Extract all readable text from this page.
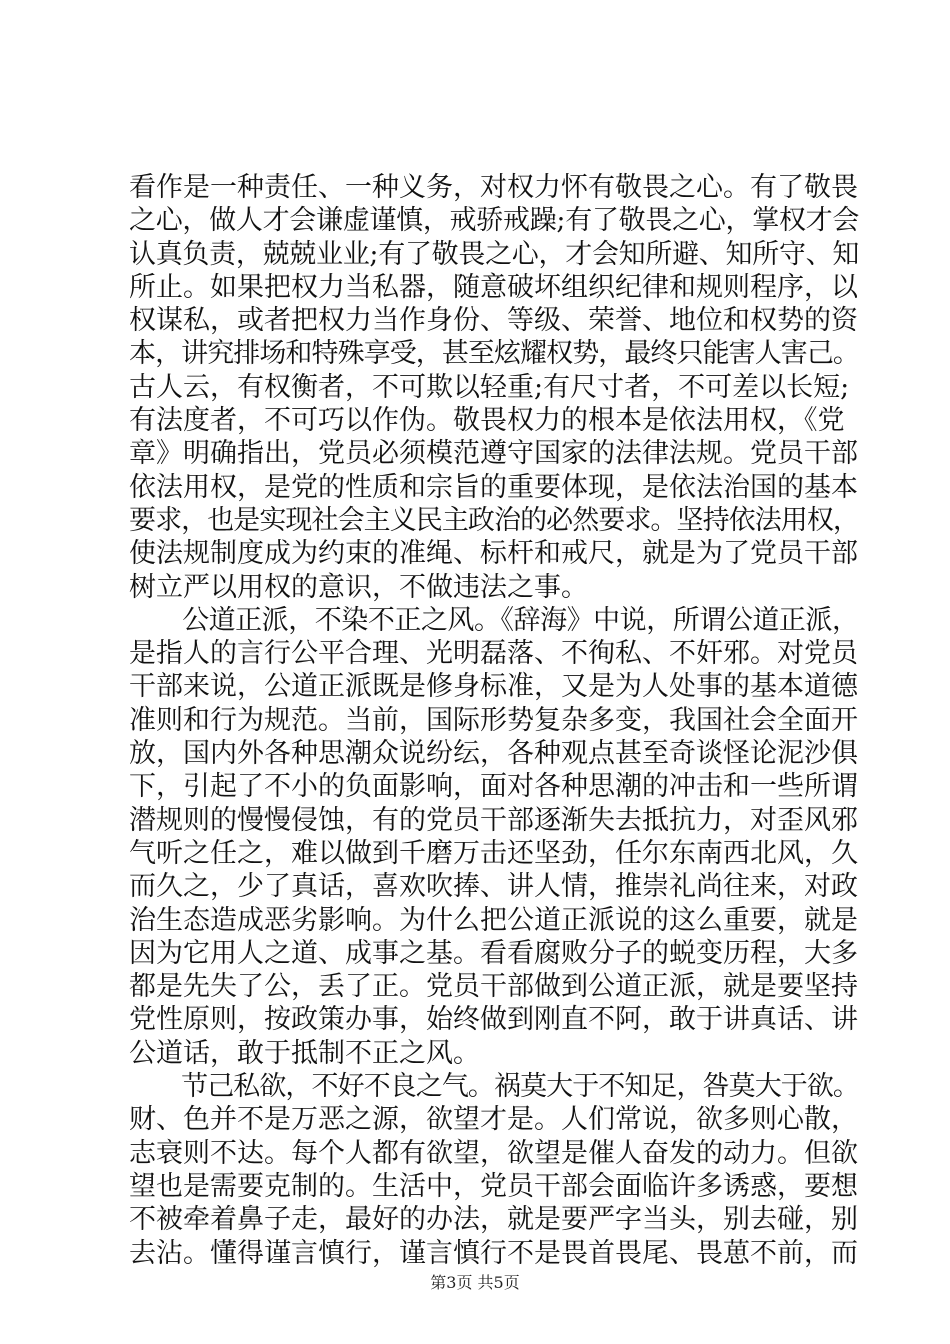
看作是一种责任、一种义务，对权力怀有敬畏之心。有了敬畏
之心，做人才会谦虚谨慎，戒骄戒躁;有了敬畏之心，掌权才会
认真负责，兢兢业业;有了敬畏之心，才会知所避、知所守、知
所止。如果把权力当私器，随意破坏组织纪律和规则程序，以
权谋私，或者把权力当作身份、等级、荣誉、地位和权势的资
本，讲究排场和特殊享受，甚至炫耀权势，最终只能害人害己。
古人云，有权衡者，不可欺以轻重;有尺寸者，不可差以长短;
有法度者，不可巧以作伪。敬畏权力的根本是依法用权，《党
章》明确指出，党员必须模范遵守国家的法律法规。党员干部
依法用权，是党的性质和宗旨的重要体现，是依法治国的基本
要求，也是实现社会主义民主政治的必然要求。坚持依法用权，
使法规制度成为约束的准绳、标杆和戒尺，就是为了党员干部
树立严以用权的意识，不做违法之事。
　　公道正派，不染不正之风。《辞海》中说，所谓公道正派，
是指人的言行公平合理、光明磊落、不徇私、不奸邪。对党员
干部来说，公道正派既是修身标准，又是为人处事的基本道德
准则和行为规范。当前，国际形势复杂多变，我国社会全面开
放，国内外各种思潮众说纷纭，各种观点甚至奇谈怪论泥沙俱
下，引起了不小的负面影响，面对各种思潮的冲击和一些所谓
潜规则的慢慢侵蚀，有的党员干部逐渐失去抵抗力，对歪风邪
气听之任之，难以做到千磨万击还坚劲，任尔东南西北风，久
而久之，少了真话，喜欢吹捧、讲人情，推崇礼尚往来，对政
治生态造成恶劣影响。为什么把公道正派说的这么重要，就是
因为它用人之道、成事之基。看看腐败分子的蜕变历程，大多
都是先失了公，丢了正。党员干部做到公道正派，就是要坚持
党性原则，按政策办事，始终做到刚直不阿，敢于讲真话、讲
公道话，敢于抵制不正之风。
　　节己私欲，不好不良之气。祸莫大于不知足，咎莫大于欲。
财、色并不是万恶之源，欲望才是。人们常说，欲多则心散，
志衰则不达。每个人都有欲望，欲望是催人奋发的动力。但欲
望也是需要克制的。生活中，党员干部会面临许多诱惑，要想
不被牵着鼻子走，最好的办法，就是要严字当头，别去碰，别
去沾。懂得谨言慎行，谨言慎行不是畏首畏尾、畏葸不前，而
第3页 共5页
